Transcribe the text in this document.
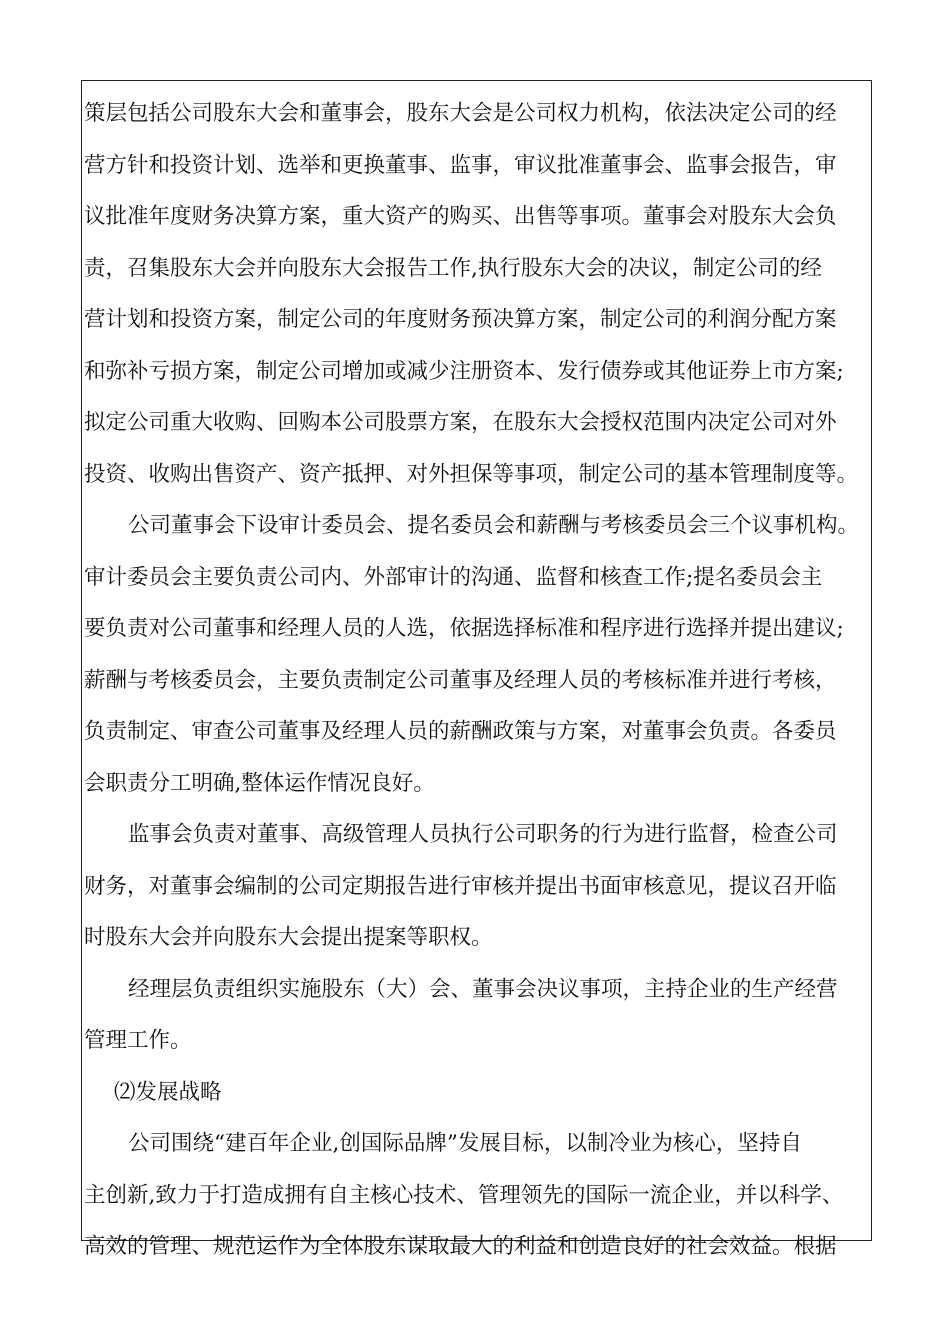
策层包括公司股东大会和董事会，股东大会是公司权力机构，依法决定公司的经
营方针和投资计划、选举和更换董事、监事，审议批准董事会、监事会报告，审
议批准年度财务决算方案，重大资产的购买、出售等事项。董事会对股东大会负
责，召集股东大会并向股东大会报告工作,执行股东大会的决议，制定公司的经
营计划和投资方案，制定公司的年度财务预决算方案，制定公司的利润分配方案
和弥补亏损方案，制定公司增加或减少注册资本、发行债券或其他证券上市方案;
拟定公司重大收购、回购本公司股票方案，在股东大会授权范围内决定公司对外
投资、收购出售资产、资产抵押、对外担保等事项，制定公司的基本管理制度等。
公司董事会下设审计委员会、提名委员会和薪酬与考核委员会三个议事机构。
审计委员会主要负责公司内、外部审计的沟通、监督和核查工作;提名委员会主
要负责对公司董事和经理人员的人选，依据选择标准和程序进行选择并提出建议;
薪酬与考核委员会，主要负责制定公司董事及经理人员的考核标准并进行考核，
负责制定、审查公司董事及经理人员的薪酬政策与方案，对董事会负责。各委员
会职责分工明确,整体运作情况良好。
监事会负责对董事、高级管理人员执行公司职务的行为进行监督，检查公司
财务，对董事会编制的公司定期报告进行审核并提出书面审核意见，提议召开临
时股东大会并向股东大会提出提案等职权。
经理层负责组织实施股东（大）会、董事会决议事项，主持企业的生产经营
管理工作。
⑵发展战略
公司围绕“建百年企业,创国际品牌”发展目标，以制冷业为核心，坚持自
主创新,致力于打造成拥有自主核心技术、管理领先的国际一流企业，并以科学、
高效的管理、规范运作为全体股东谋取最大的利益和创造良好的社会效益。根据
